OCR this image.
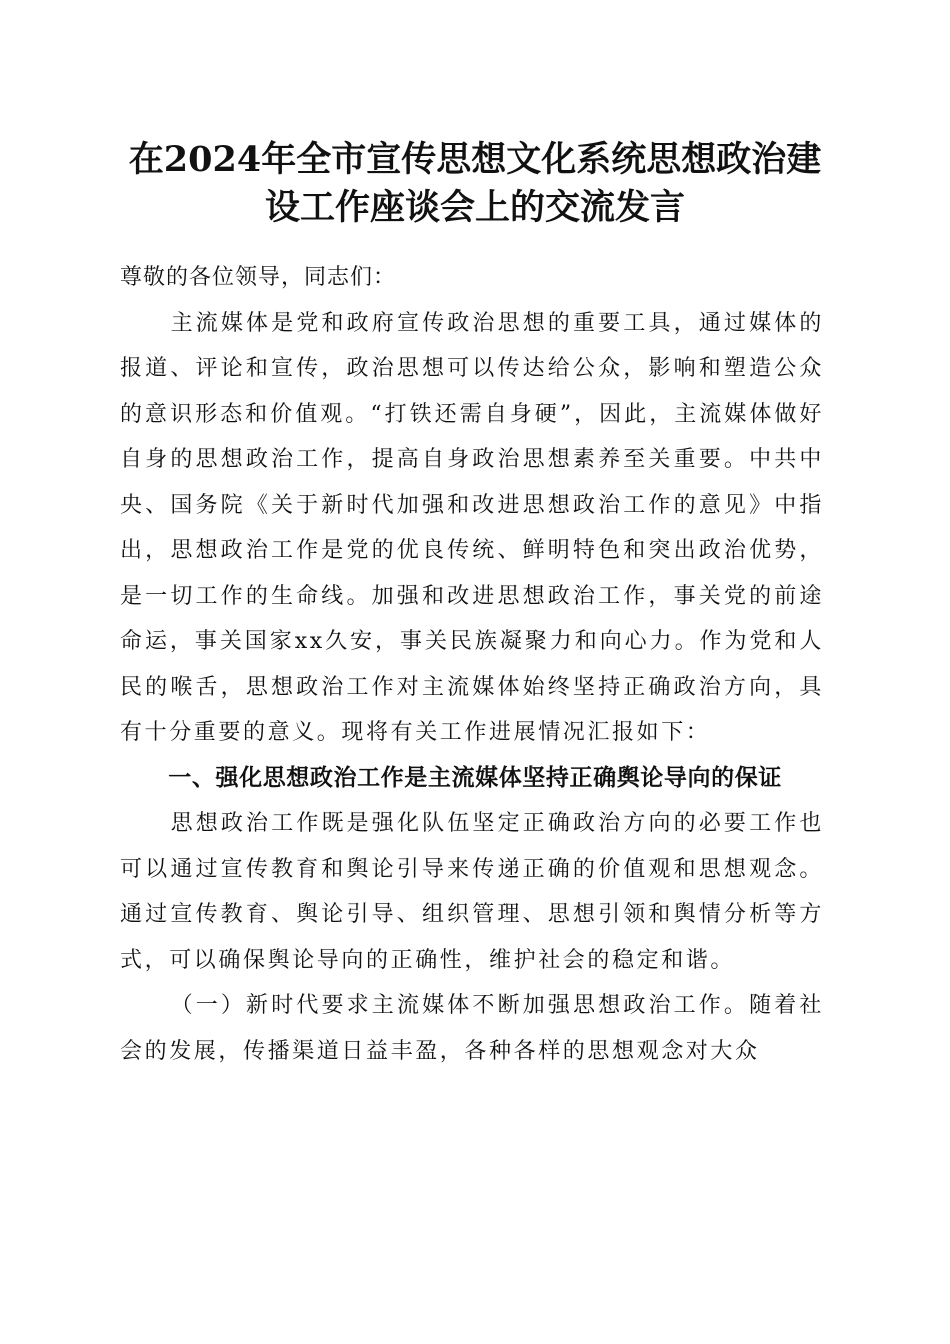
在2024年全市宣传思想文化系统思想政治建
设工作座谈会上的交流发言

尊敬的各位领导，同志们：

主流媒体是党和政府宣传政治思想的重要工具，通过媒体的报道、评论和宣传，政治思想可以传达给公众，影响和塑造公众的意识形态和价值观。“打铁还需自身硬”，因此，主流媒体做好自身的思想政治工作，提高自身政治思想素养至关重要。中共中央、国务院《关于新时代加强和改进思想政治工作的意见》中指出，思想政治工作是党的优良传统、鲜明特色和突出政治优势，是一切工作的生命线。加强和改进思想政治工作，事关党的前途命运，事关国家xx久安，事关民族凝聚力和向心力。作为党和人民的喉舌，思想政治工作对主流媒体始终坚持正确政治方向，具有十分重要的意义。现将有关工作进展情况汇报如下：

一、强化思想政治工作是主流媒体坚持正确舆论导向的保证

思想政治工作既是强化队伍坚定正确政治方向的必要工作也可以通过宣传教育和舆论引导来传递正确的价值观和思想观念。通过宣传教育、舆论引导、组织管理、思想引领和舆情分析等方式，可以确保舆论导向的正确性，维护社会的稳定和谐。

（一）新时代要求主流媒体不断加强思想政治工作。随着社会的发展，传播渠道日益丰盈，各种各样的思想观念对大众
